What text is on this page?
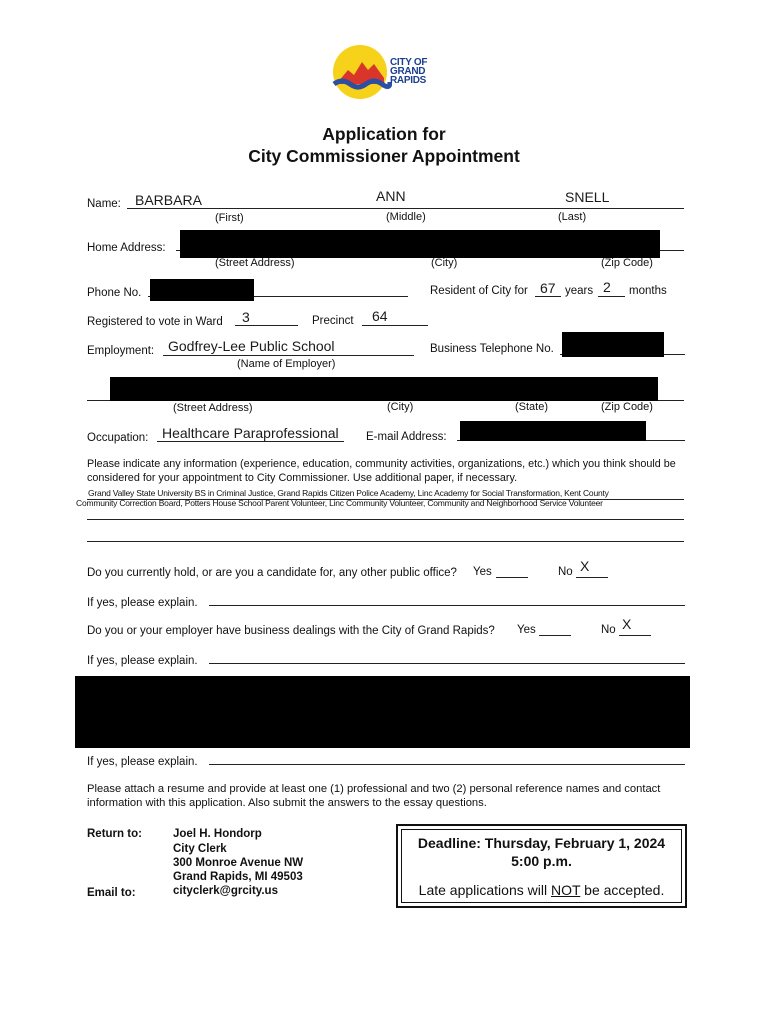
CITY OF
GRAND
RAPIDS
Application for
City Commissioner Appointment
Name: BARBARA	ANN	SNELL
(First)	(Middle)	(Last)
Home Address:
(Street Address)	(City)	(Zip Code)
Phone No.	Resident of City for 67 years 2 months
Registered to vote in Ward 3	Precinct 64
Employment: Godfrey-Lee Public School
(Name of Employer)
Business Telephone No.
(Street Address)	(City)	(State)	(Zip Code)
Occupation: Healthcare Paraprofessional E-mail Address:
Please indicate any information (experience, education, community activities, organizations, etc.) which you think should be
considered for your appointment to City Commissioner. Use additional paper, if necessary.
Grand Valley State University BS in Criminal Justice, Grand Rapids Citizen Police Academy, Linc Academy for Social Transformation, Kent County
Community Correction Board, Potters House School Parent Volunteer, Linc Community Volunteer, Community and Neighborhood Service Volunteer
Do you currently hold, or are you a candidate for, any other public office? Yes	No X
If yes, please explain.
Do you or your employer have business dealings with the City of Grand Rapids? Yes	No X
If yes, please explain.
If yes, please explain.
Please attach a resume and provide at least one (1) professional and two (2) personal reference names and contact
information with this application. Also submit the answers to the essay questions.
Return to:	Joel H. Hondorp
City Clerk
300 Monroe Avenue NW
Grand Rapids, MI 49503
Email to:	cityclerk@grcity.us
Deadline: Thursday, February 1, 2024
5:00 p.m.
Late applications will NOT be accepted.
